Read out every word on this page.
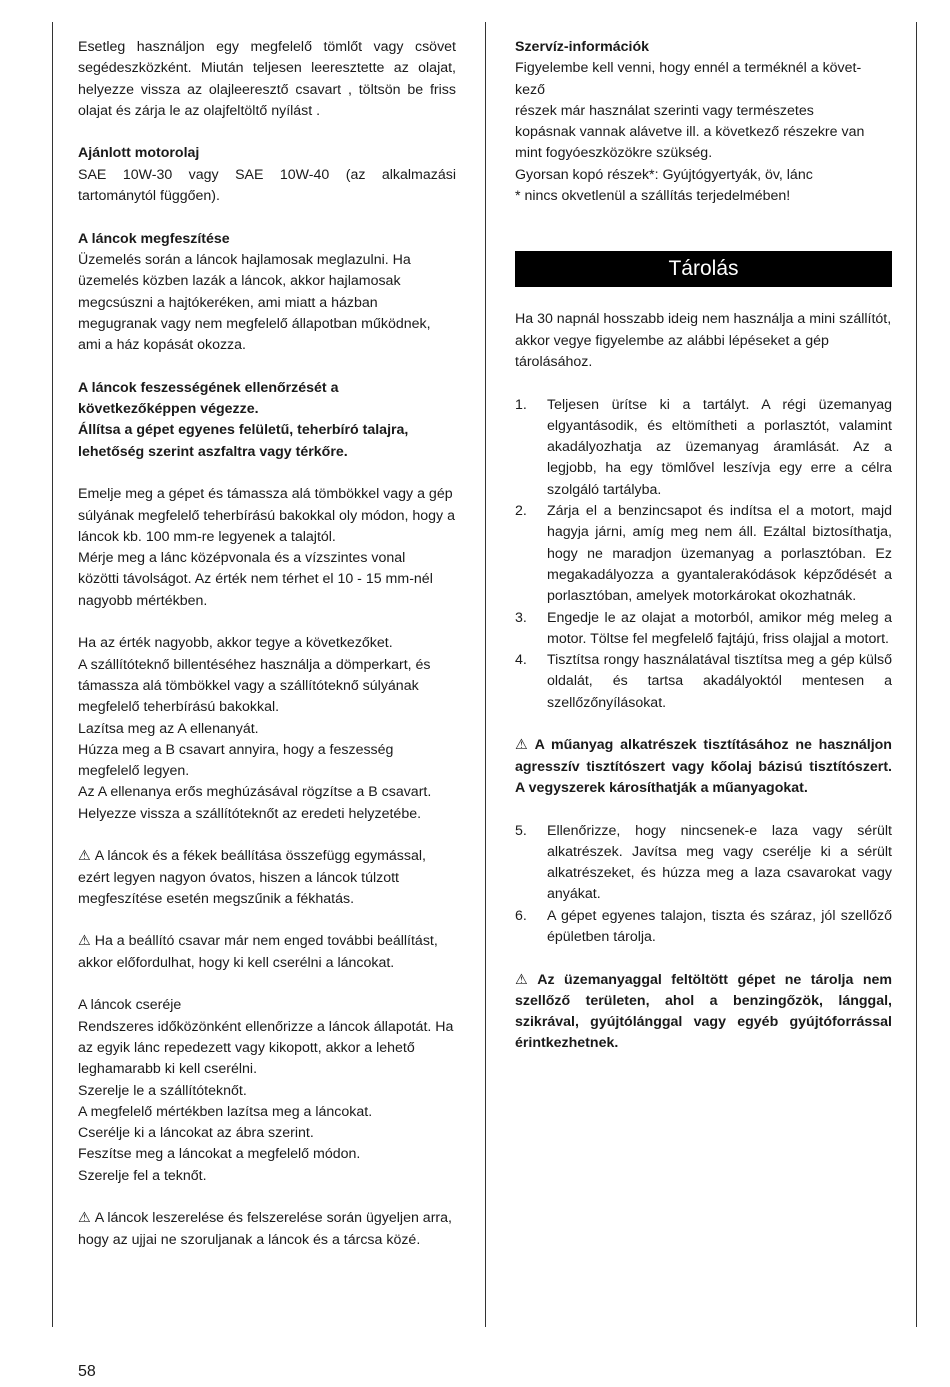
Esetleg használjon egy megfelelő tömlőt vagy csövet segédeszközként. Miután teljesen leeresztette az olajat, helyezze vissza az olajleeresztő csavart , töltsön be friss olajat és zárja le az olajfeltöltő nyílást .

Ajánlott motorolaj

SAE 10W-30 vagy SAE 10W-40 (az alkalmazási tartománytól függően).

A láncok megfeszítése

Üzemelés során a láncok hajlamosak meglazulni. Ha üzemelés közben lazák a láncok, akkor hajlamosak megcsúszni a hajtókeréken, ami miatt a házban megugranak vagy nem megfelelő állapotban működnek, ami a ház kopását okozza.

A láncok feszességének ellenőrzését a következőképpen végezze.
Állítsa a gépet egyenes felületű, teherbíró talajra, lehetőség szerint aszfaltra vagy térkőre.

Emelje meg a gépet és támassza alá tömbökkel vagy a gép súlyának megfelelő teherbírású bakokkal oly módon, hogy a láncok kb. 100 mm-re legyenek a talajtól.
Mérje meg a lánc középvonala és a vízszintes vonal
közötti távolságot. Az érték nem térhet el 10 - 15 mm-nél
nagyobb mértékben.

Ha az érték nagyobb, akkor tegye a következőket.
A szállítóteknő billentéséhez használja a dömperkart, és
támassza alá tömbökkel vagy a szállítóteknő súlyának
megfelelő teherbírású bakokkal.
Lazítsa meg az A ellenanyát.
Húzza meg a B csavart annyira, hogy a feszesség
megfelelő legyen.
Az A ellenanya erős meghúzásával rögzítse a B csavart.
Helyezze vissza a szállítóteknőt az eredeti helyzetébe.

⚠︎ A láncok és a fékek beállítása összefügg egymással, ezért legyen nagyon óvatos, hiszen a láncok túlzott megfeszítése esetén megszűnik a fékhatás.

⚠︎ Ha a beállító csavar már nem enged további beállítást, akkor előfordulhat, hogy ki kell cserélni a láncokat.

A láncok cseréje
Rendszeres időközönként ellenőrizze a láncok állapotát. Ha az egyik lánc repedezett vagy kikopott, akkor a lehető leghamarabb ki kell cserélni.
Szerelje le a szállítóteknőt.
A megfelelő mértékben lazítsa meg a láncokat.
Cserélje ki a láncokat az ábra szerint.
Feszítse meg a láncokat a megfelelő módon.
Szerelje fel a teknőt.

⚠︎ A láncok leszerelése és felszerelése során ügyeljen arra, hogy az ujjai ne szoruljanak a láncok és a tárcsa közé.

Szervíz-információk
Figyelembe kell venni, hogy ennél a terméknél a követ-
kező
részek már használat szerinti vagy természetes
kopásnak vannak alávetve ill. a következő részekre van
mint fogyóeszközökre szükség.
Gyorsan kopó részek*: Gyújtógyertyák, öv, lánc
* nincs okvetlenül a szállítás terjedelmében!
Tárolás

Ha 30 napnál hosszabb ideig nem használja a mini szállítót, akkor vegye figyelembe az alábbi lépéseket a gép tárolásához.

1.	Teljesen ürítse ki a tartályt. A régi üzemanyag elgyantásodik, és eltömítheti a porlasztót, valamint akadályozhatja az üzemanyag áramlását. Az a legjobb, ha egy tömlővel leszívja egy erre a célra szolgáló tartályba.
2.	Zárja el a benzincsapot és indítsa el a motort, majd hagyja járni, amíg meg nem áll. Ezáltal biztosíthatja, hogy ne maradjon üzemanyag a porlasztóban. Ez megakadályozza a gyantalerakódások képződését a porlasztóban, amelyek motorkárokat okozhatnák.
3.	Engedje le az olajat a motorból, amikor még meleg a motor. Töltse fel megfelelő fajtájú, friss olajjal a motort.
4.	Tisztítsa rongy használatával tisztítsa meg a gép külső oldalát, és tartsa akadályoktól mentesen a szellőzőnyílásokat.

⚠︎ A műanyag alkatrészek tisztításához ne használjon agresszív tisztítószert vagy kőolaj bázisú tisztítószert. A vegyszerek károsíthatják a műanyagokat.

5.	Ellenőrizze, hogy nincsenek-e laza vagy sérült alkatrészek. Javítsa meg vagy cserélje ki a sérült alkatrészeket, és húzza meg a laza csavarokat vagy anyákat.
6.	A gépet egyenes talajon, tiszta és száraz, jól szellőző épületben tárolja.

⚠︎ Az üzemanyaggal feltöltött gépet ne tárolja nem szellőző területen, ahol a benzingőzök, lánggal, szikrával, gyújtólánggal vagy egyéb gyújtóforrással érintkezhetnek.

58
